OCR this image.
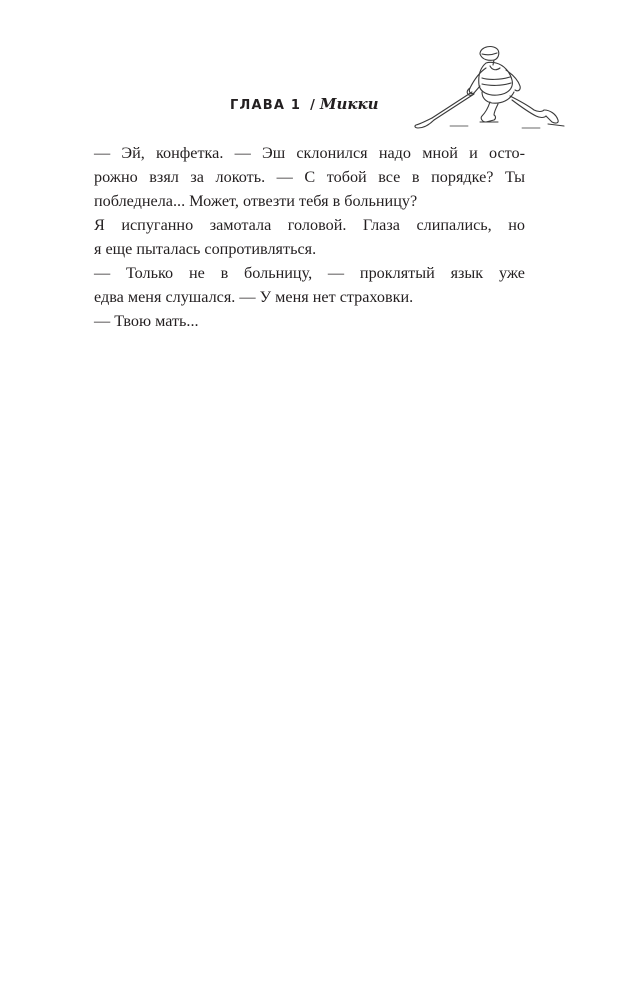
ГЛАВА 1 / Микки

— Эй, конфетка. — Эш склонился надо мной и осто-
рожно взял за локоть. — С тобой все в порядке? Ты
побледнела... Может, отвезти тебя в больницу?

Я испуганно замотала головой. Глаза слипались, но
я еще пыталась сопротивляться.

— Только не в больницу, — проклятый язык уже
едва меня слушался. — У меня нет страховки.

— Твою мать...
